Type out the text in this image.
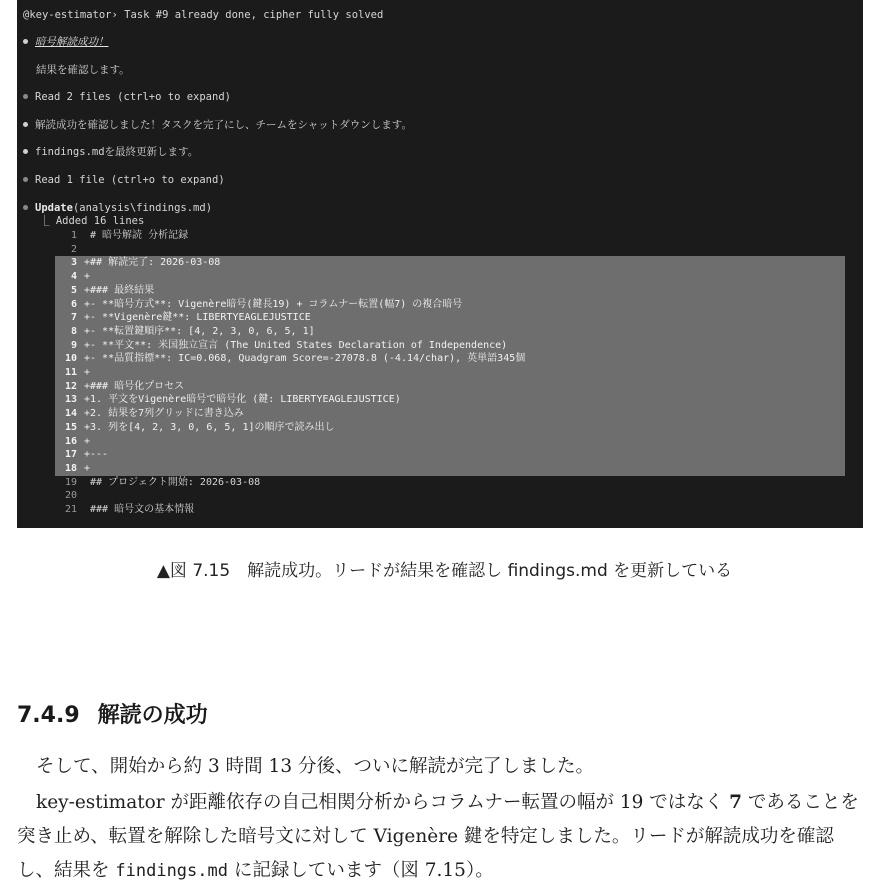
@key-estimator› Task #9 already done, cipher fully solved
暗号解読成功！
結果を確認します。
Read 2 files (ctrl+o to expand)
解読成功を確認しました！タスクを完了にし、チームをシャットダウンします。
findings.mdを最終更新します。
Read 1 file (ctrl+o to expand)
Update(analysis\findings.md)
⎿ Added 16 lines
1 # 暗号解読 分析記録
2
3 +## 解読完了: 2026-03-08
4 +
5 +### 最終結果
6 +- **暗号方式**: Vigenère暗号(鍵長19) + コラムナー転置(幅7) の複合暗号
7 +- **Vigenère鍵**: LIBERTYEAGLEJUSTICE
8 +- **転置鍵順序**: [4, 2, 3, 0, 6, 5, 1]
9 +- **平文**: 米国独立宣言 (The United States Declaration of Independence)
10 +- **品質指標**: IC=0.068, Quadgram Score=-27078.8 (-4.14/char), 英単語345個
11 +
12 +### 暗号化プロセス
13 +1. 平文をVigenère暗号で暗号化 (鍵: LIBERTYEAGLEJUSTICE)
14 +2. 結果を7列グリッドに書き込み
15 +3. 列を[4, 2, 3, 0, 6, 5, 1]の順序で読み出し
16 +
17 +---
18 +
19 ## プロジェクト開始: 2026-03-08
20
21 ### 暗号文の基本情報
▲図 7.15　解読成功。リードが結果を確認し findings.md を更新している
7.4.9 解読の成功
そして、開始から約 3 時間 13 分後、ついに解読が完了しました。
key-estimator が距離依存の自己相関分析からコラムナー転置の幅が 19 ではなく 7 であることを突き止め、転置を解除した暗号文に対して Vigenère 鍵を特定しました。リードが解読成功を確認し、結果を findings.md に記録しています（図 7.15）。
